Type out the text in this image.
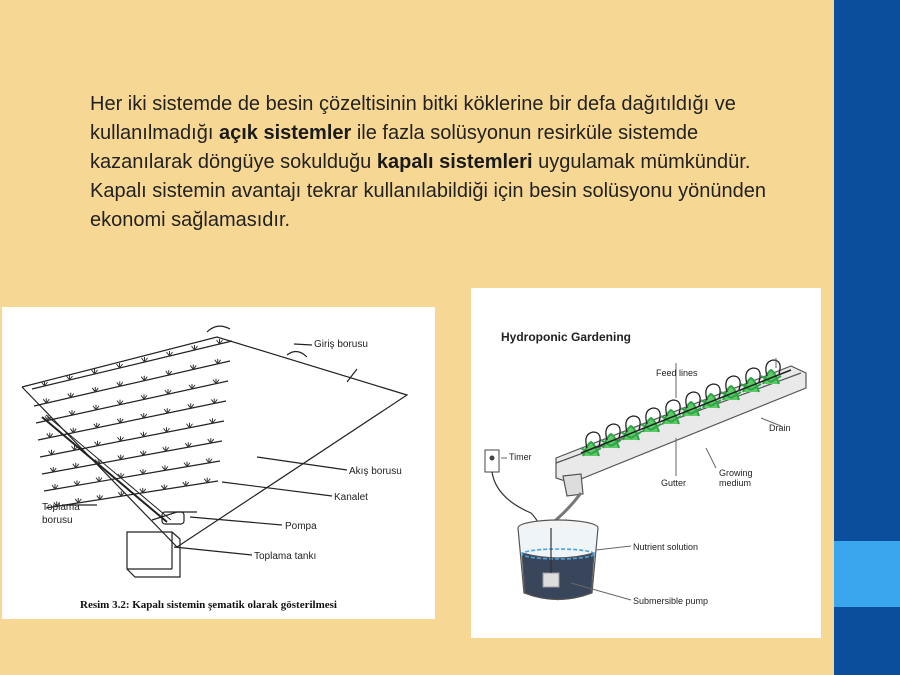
Her iki sistemde de besin çözeltisinin bitki köklerine bir defa dağıtıldığı ve kullanılmadığı açık sistemler ile fazla solüsyonun resirküle sistemde kazanılarak döngüye sokulduğu kapalı sistemleri uygulamak mümkündür. Kapalı sistemin avantajı tekrar kullanılabildiği için besin solüsyonu yönünden ekonomi sağlamasıdır.

Giriş borusu
Akış borusu
Kanalet
Toplama
borusu
Pompa
Toplama tankı
Resim 3.2: Kapalı sistemin şematik olarak gösterilmesi
Hydroponic Gardening
Feed lines
Drain
Timer
Gutter
Growing
medium
Nutrient solution
Submersible pump
